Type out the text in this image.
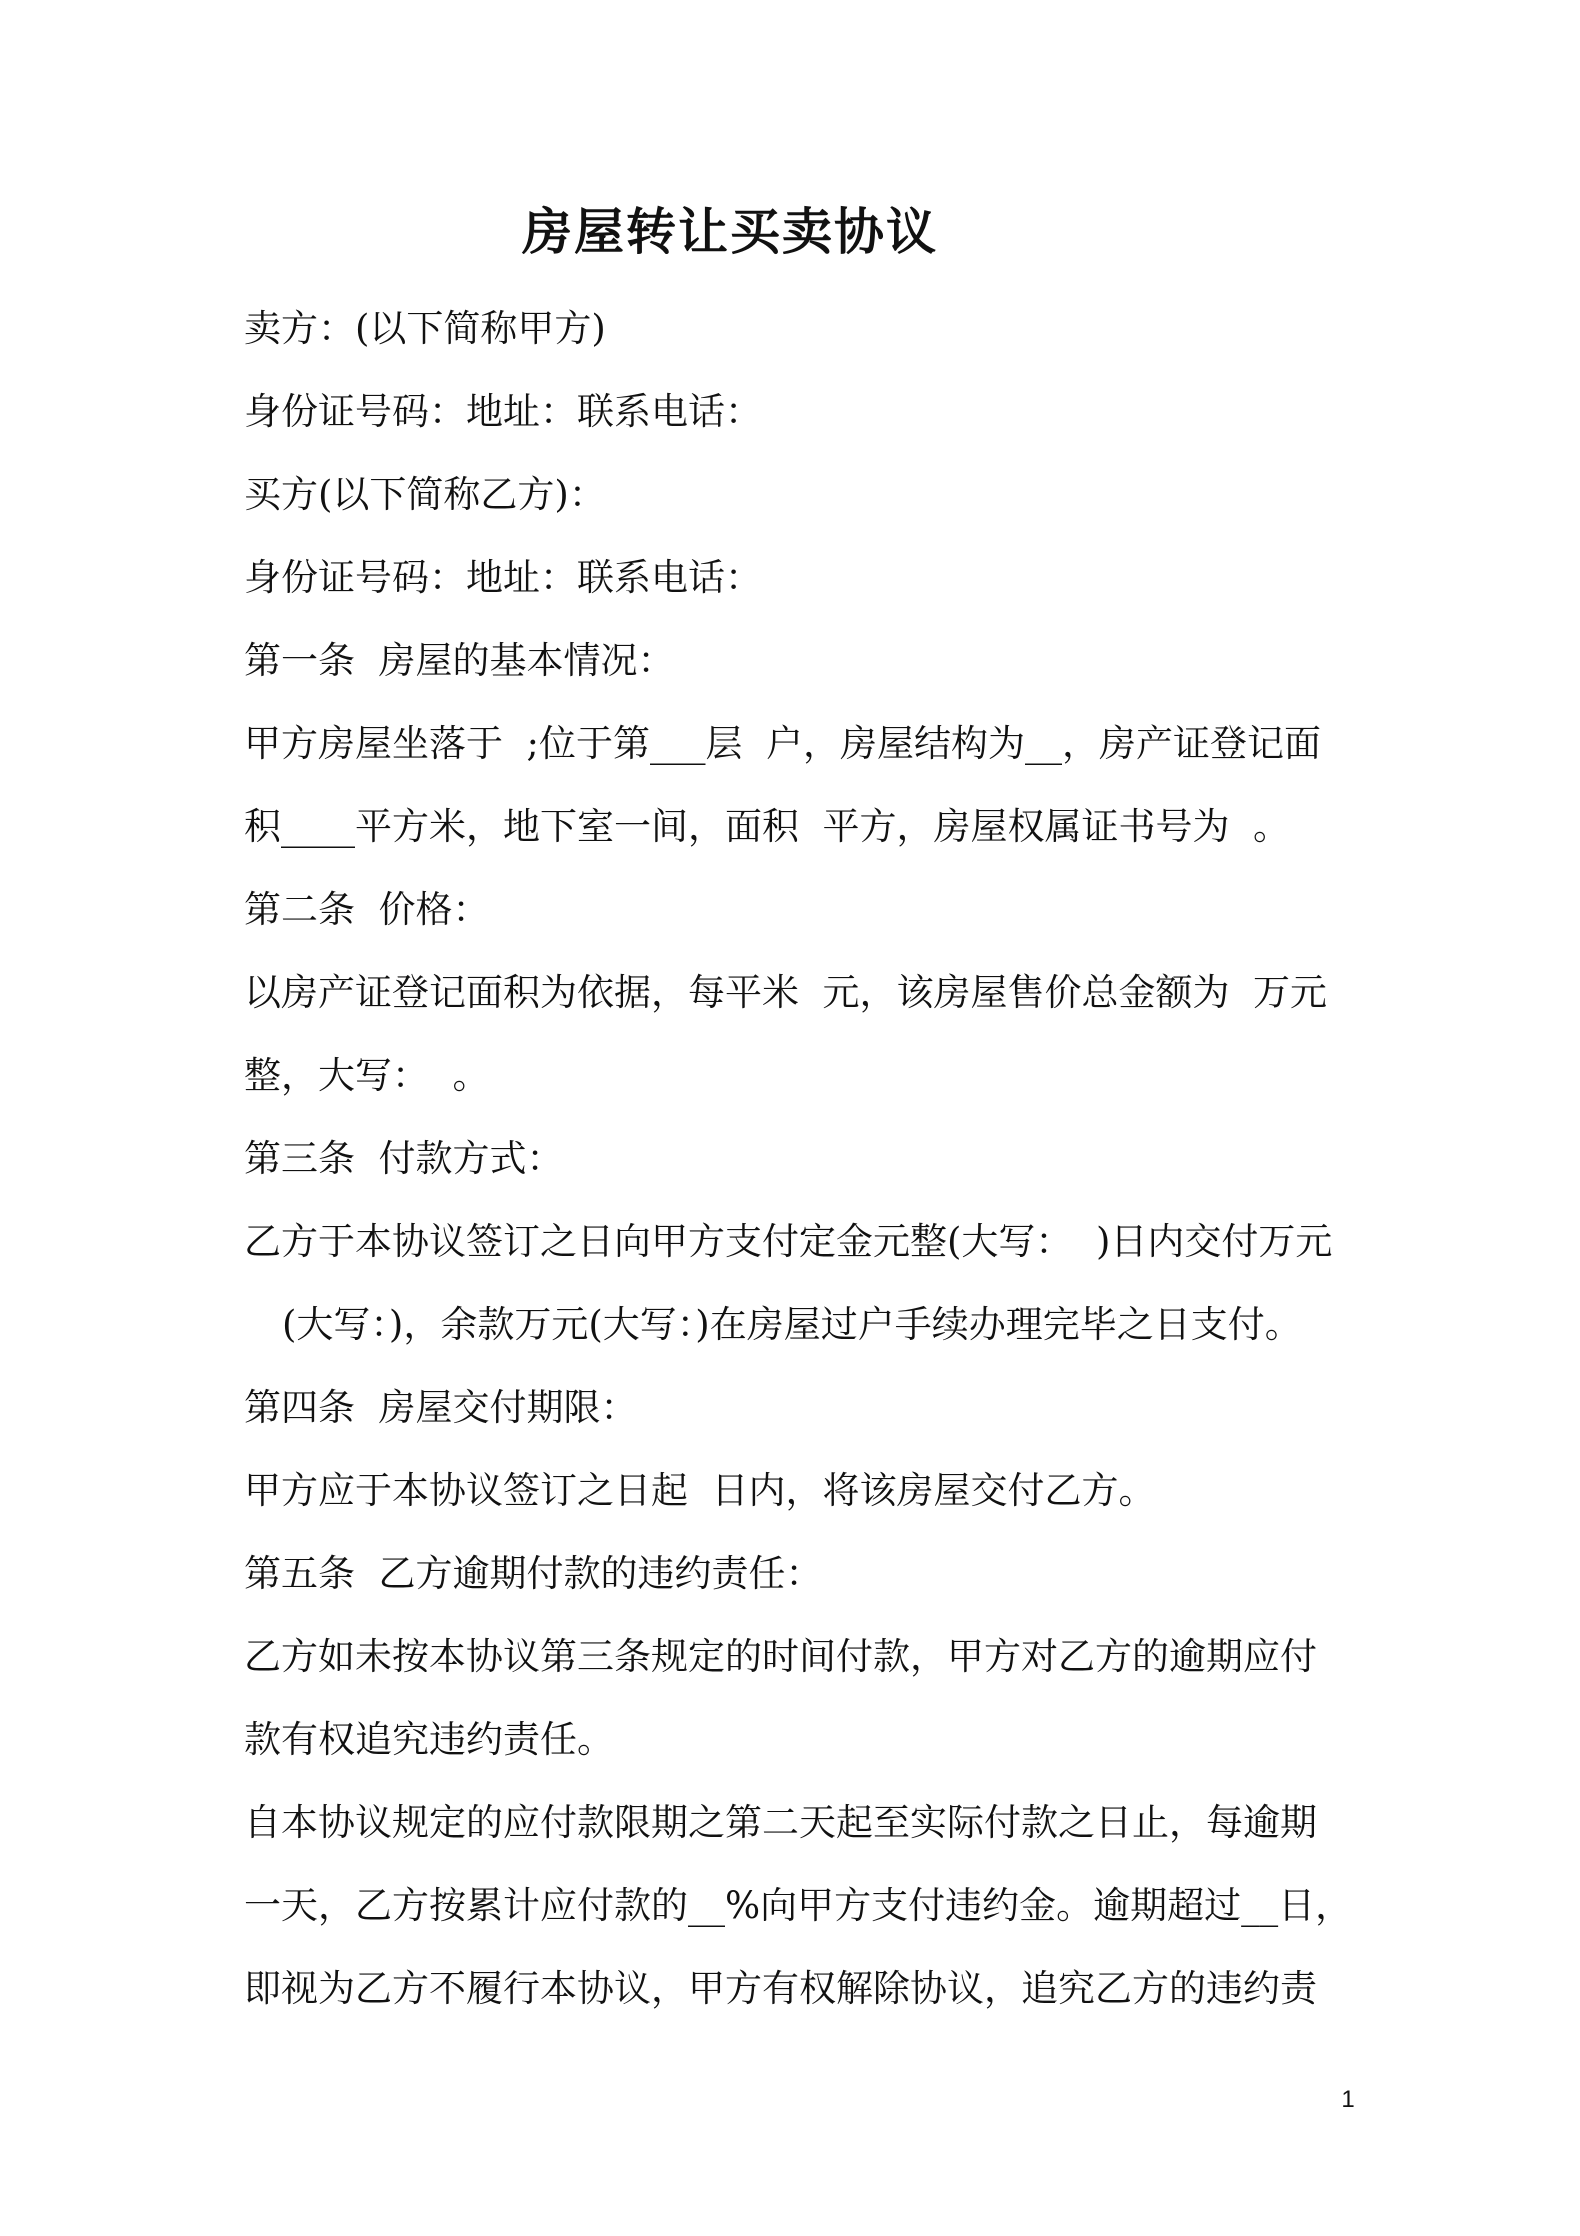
房屋转让买卖协议
卖方：(以下简称甲方)
身份证号码：地址：联系电话：
买方(以下简称乙方)：
身份证号码：地址：联系电话：
第一条  房屋的基本情况：
甲方房屋坐落于  ;位于第___层  户，房屋结构为__，房产证登记面
积____平方米，地下室一间，面积  平方，房屋权属证书号为  。
第二条  价格：
以房产证登记面积为依据，每平米  元，该房屋售价总金额为  万元
整，大写：  。
第三条  付款方式：
乙方于本协议签订之日向甲方支付定金元整(大写：  )日内交付万元
(大写：)，余款万元(大写：)在房屋过户手续办理完毕之日支付。
第四条  房屋交付期限：
甲方应于本协议签订之日起  日内，将该房屋交付乙方。
第五条  乙方逾期付款的违约责任：
乙方如未按本协议第三条规定的时间付款，甲方对乙方的逾期应付
款有权追究违约责任。
自本协议规定的应付款限期之第二天起至实际付款之日止，每逾期
一天，乙方按累计应付款的__%向甲方支付违约金。逾期超过__日，
即视为乙方不履行本协议，甲方有权解除协议，追究乙方的违约责
1
